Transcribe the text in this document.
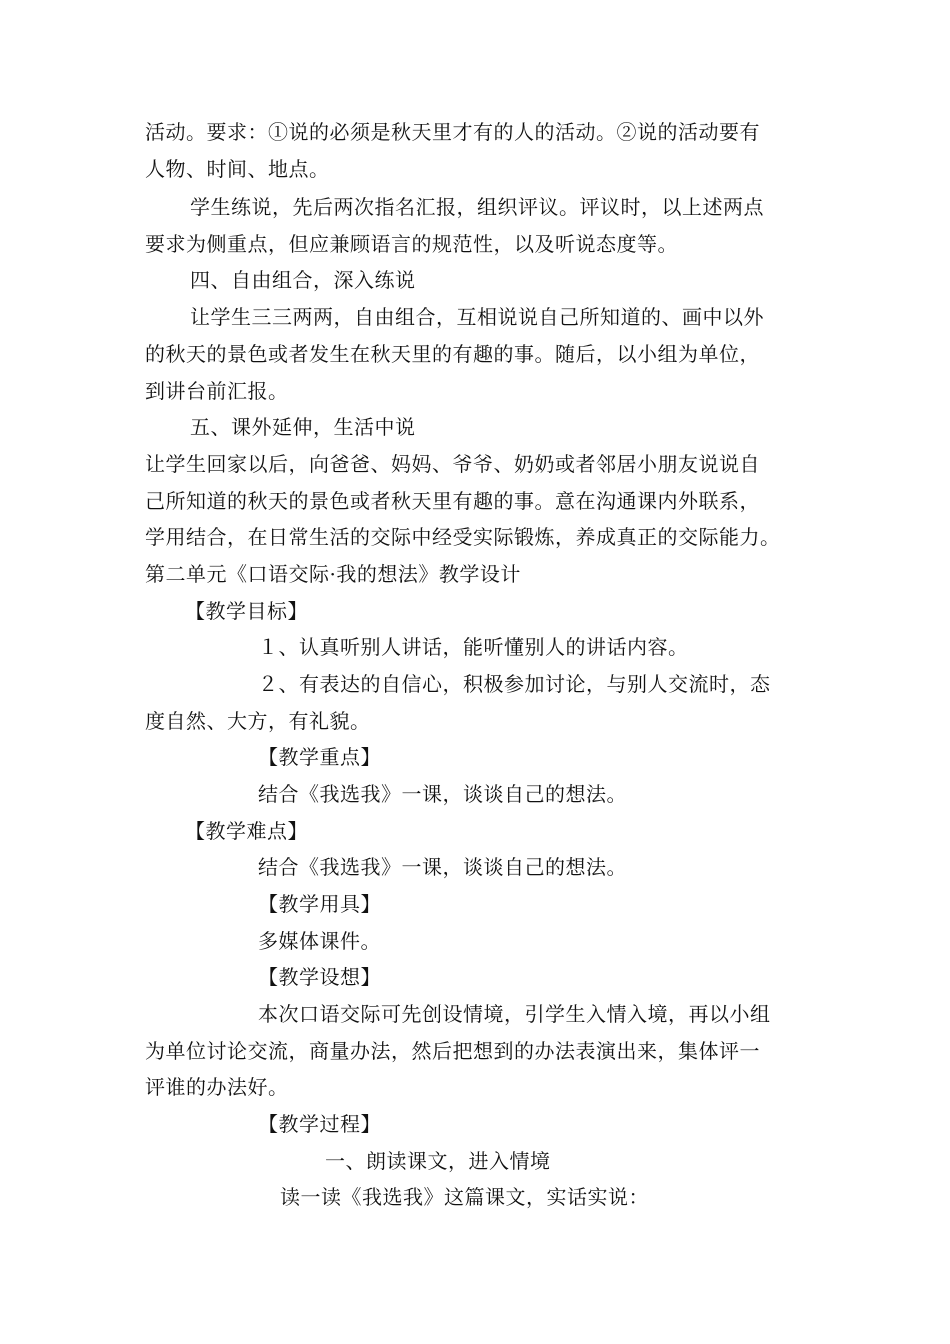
活动。要求：①说的必须是秋天里才有的人的活动。②说的活动要有
人物、时间、地点。
学生练说，先后两次指名汇报，组织评议。评议时，以上述两点
要求为侧重点，但应兼顾语言的规范性，以及听说态度等。
四、自由组合，深入练说
让学生三三两两，自由组合，互相说说自己所知道的、画中以外
的秋天的景色或者发生在秋天里的有趣的事。随后，以小组为单位，
到讲台前汇报。
五、课外延伸，生活中说
让学生回家以后，向爸爸、妈妈、爷爷、奶奶或者邻居小朋友说说自
己所知道的秋天的景色或者秋天里有趣的事。意在沟通课内外联系，
学用结合，在日常生活的交际中经受实际锻炼，养成真正的交际能力。
第二单元《口语交际·我的想法》教学设计
【教学目标】
１、认真听别人讲话，能听懂别人的讲话内容。
２、有表达的自信心，积极参加讨论，与别人交流时，态
度自然、大方，有礼貌。
【教学重点】
结合《我选我》一课，谈谈自己的想法。
【教学难点】
结合《我选我》一课，谈谈自己的想法。
【教学用具】
多媒体课件。
【教学设想】
本次口语交际可先创设情境，引学生入情入境，再以小组
为单位讨论交流，商量办法，然后把想到的办法表演出来，集体评一
评谁的办法好。
【教学过程】
一、朗读课文，进入情境
读一读《我选我》这篇课文，实话实说：
